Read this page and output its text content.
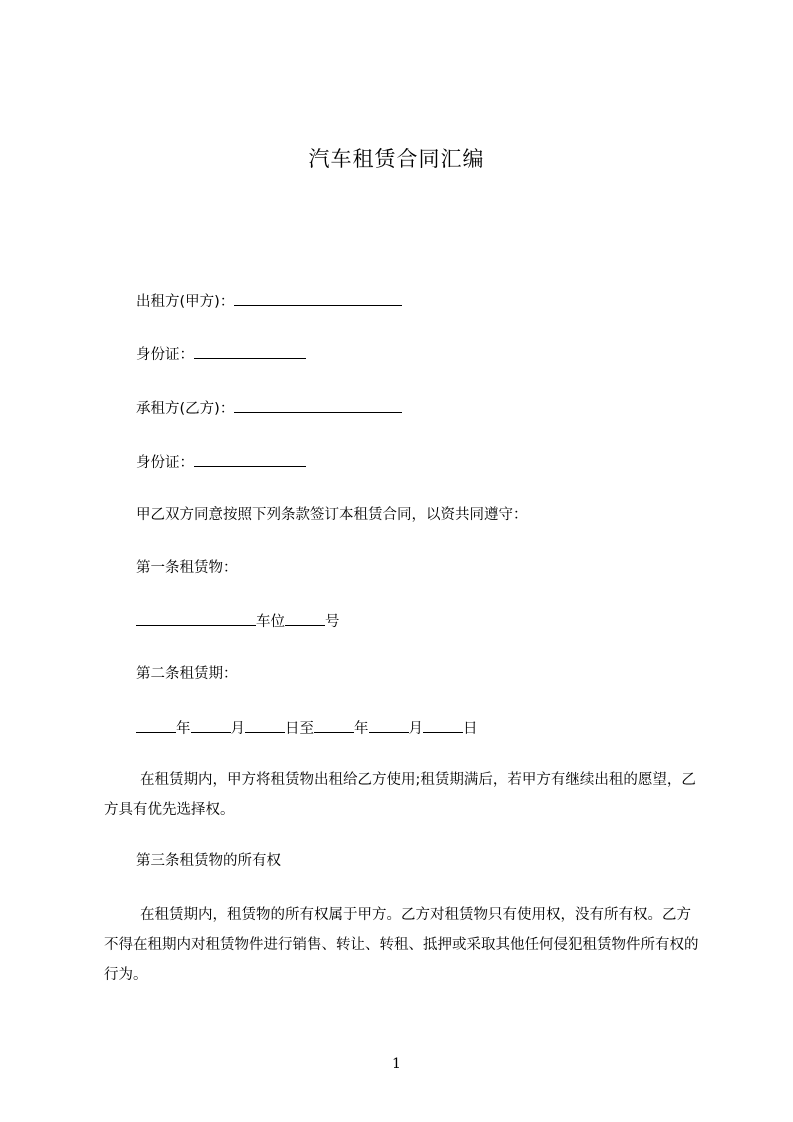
汽车租赁合同汇编
出租方(甲方)：
身份证：
承租方(乙方)：
身份证：
甲乙双方同意按照下列条款签订本租赁合同，以资共同遵守：
第一条租赁物：
车位	号
第二条租赁期：
年	月	日至	年	月	日
在租赁期内，甲方将租赁物出租给乙方使用;租赁期满后，若甲方有继续出租的愿望，乙方具有优先选择权。
第三条租赁物的所有权
在租赁期内，租赁物的所有权属于甲方。乙方对租赁物只有使用权，没有所有权。乙方不得在租期内对租赁物件进行销售、转让、转租、抵押或采取其他任何侵犯租赁物件所有权的行为。
1
